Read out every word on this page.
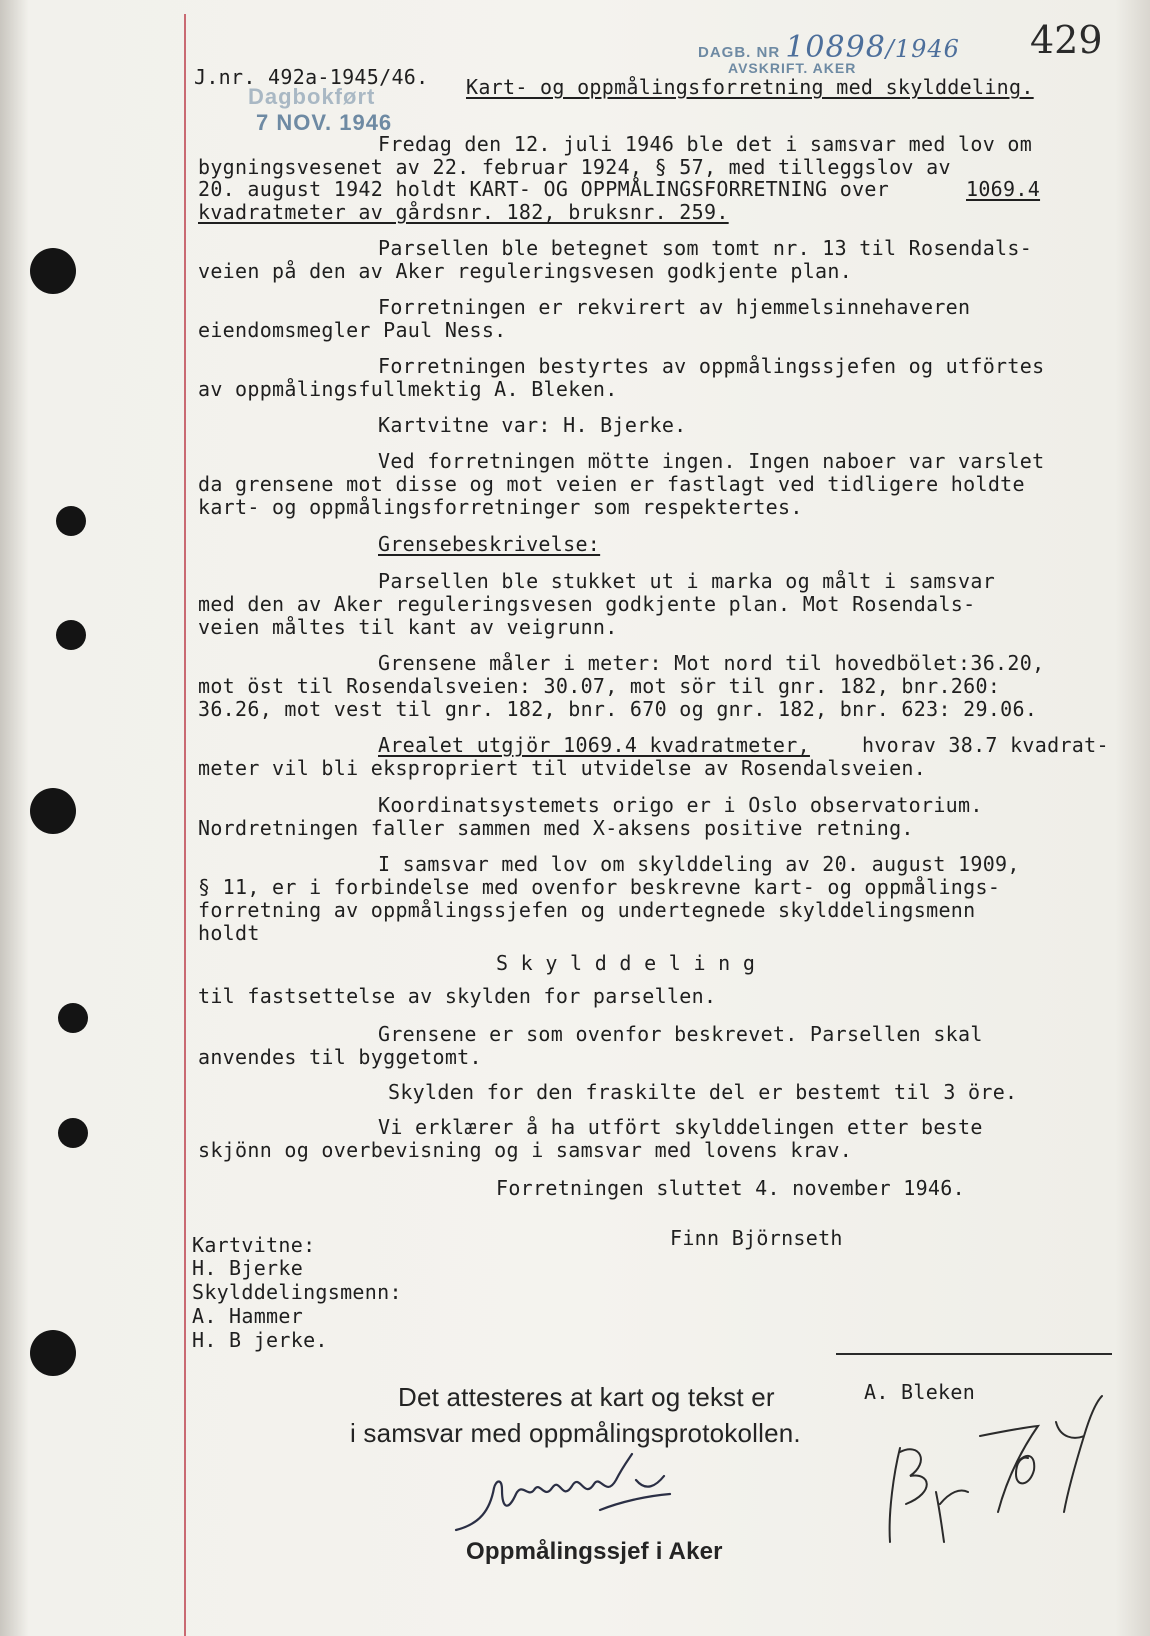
DAGB. NR 10898/1946
AVSKRIFT. AKER
Dagbokført
7 NOV. 1946
429
J.nr. 492a-1945/46. Kart- og oppmålingsforretning med skylddeling.
Fredag den 12. juli 1946 ble det i samsvar med lov om
bygningsvesenet av 22. februar 1924, § 57, med tilleggslov av
20. august 1942 holdt KART- OG OPPMÅLINGSFORRETNING over	1069.4
kvadratmeter av gårdsnr. 182, bruksnr. 259.
Parsellen ble betegnet som tomt nr. 13 til Rosendals-
veien på den av Aker reguleringsvesen godkjente plan.
Forretningen er rekvirert av hjemmelsinnehaveren
eiendomsmegler Paul Ness.
Forretningen bestyrtes av oppmålingssjefen og utförtes
av oppmålingsfullmektig A. Bleken.
Kartvitne var: H. Bjerke.
Ved forretningen mötte ingen. Ingen naboer var varslet
da grensene mot disse og mot veien er fastlagt ved tidligere holdte
kart- og oppmålingsforretninger som respektertes.
Grensebeskrivelse:
Parsellen ble stukket ut i marka og målt i samsvar
med den av Aker reguleringsvesen godkjente plan. Mot Rosendals-
veien måltes til kant av veigrunn.
Grensene måler i meter: Mot nord til hovedbölet:36.20,
mot öst til Rosendalsveien: 30.07, mot sör til gnr. 182, bnr.260:
36.26, mot vest til gnr. 182, bnr. 670 og gnr. 182, bnr. 623: 29.06.
Arealet utgjör 1069.4 kvadratmeter,	hvorav 38.7 kvadrat-
meter vil bli ekspropriert til utvidelse av Rosendalsveien.
Koordinatsystemets origo er i Oslo observatorium.
Nordretningen faller sammen med X-aksens positive retning.
I samsvar med lov om skylddeling av 20. august 1909,
§ 11, er i forbindelse med ovenfor beskrevne kart- og oppmålings-
forretning av oppmålingssjefen og undertegnede skylddelingsmenn
holdt
S k y l d d e l i n g
til fastsettelse av skylden for parsellen.
Grensene er som ovenfor beskrevet. Parsellen skal
anvendes til byggetomt.
Skylden for den fraskilte del er bestemt til 3 öre.
Vi erklærer å ha utfört skylddelingen etter beste
skjönn og overbevisning og i samsvar med lovens krav.
Forretningen sluttet 4. november 1946.
Finn Björnseth
Kartvitne:
H. Bjerke
Skylddelingsmenn:
A. Hammer
H. B jerke.
A. Bleken
Det attesteres at kart og tekst er
i samsvar med oppmålingsprotokollen.
Oppmålingssjef i Aker
